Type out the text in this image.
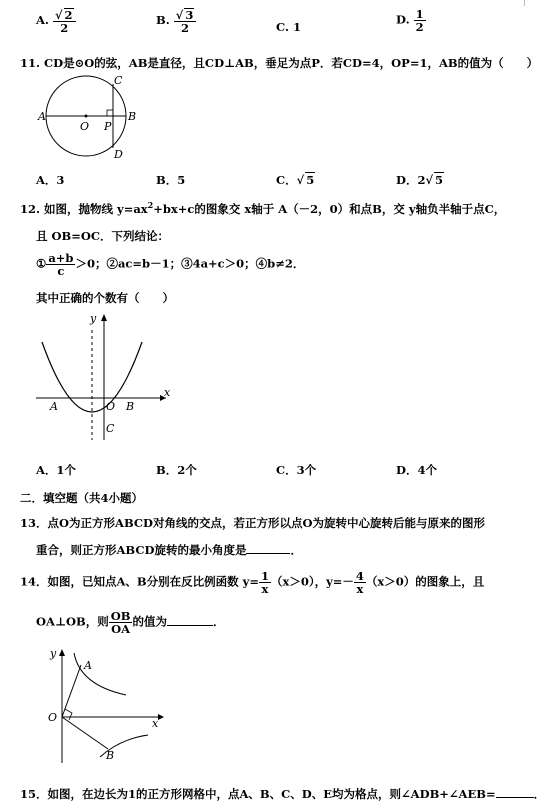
A. $\frac{√ 2}{2}$	B. $\frac{√ 3}{2}$	C. 1
D. $\frac{1}{2}$
11. CD是⊙O的弦，AB是直径，且CD⊥AB，垂足为点P．若CD=4，OP=1，AB的值为（　　）
A
O P
B
C
D
A．3	B．5	C．√ 5	D．2√ 5
12. 如图，抛物线 $y=ax^2+bx+c$的图象交 x轴于 A（－2，0）和点B，交 y轴负半轴于点C，
且 OB=OC．下列结论：
① $\frac{a+b}{c} >0$；②ac=b－1；③4a+c＞0；④b≠2．
其中正确的个数有（　　）
y
x
A	O B
C
A．1个	B．2个	C．3个	D．4个
二．填空题（共4小题）
13．点O为正方形ABCD对角线的交点，若正方形以点O为旋转中心旋转后能与原来的图形
重合，则正方形ABCD旋转的最小角度是	．
14．如图，已知点A、B分别在反比例函数 $y= \frac{1}{x} (x>0)$，$y=- \frac{4}{x} (x>0)$的图象上，且
OA⊥OB，则 $\frac{OB}{OA}$ 的值为	．
y
x
O
A
B
15．如图，在边长为1的正方形网格中，点A、B、C、D、E均为格点，则∠ADB+∠AEB=	．
